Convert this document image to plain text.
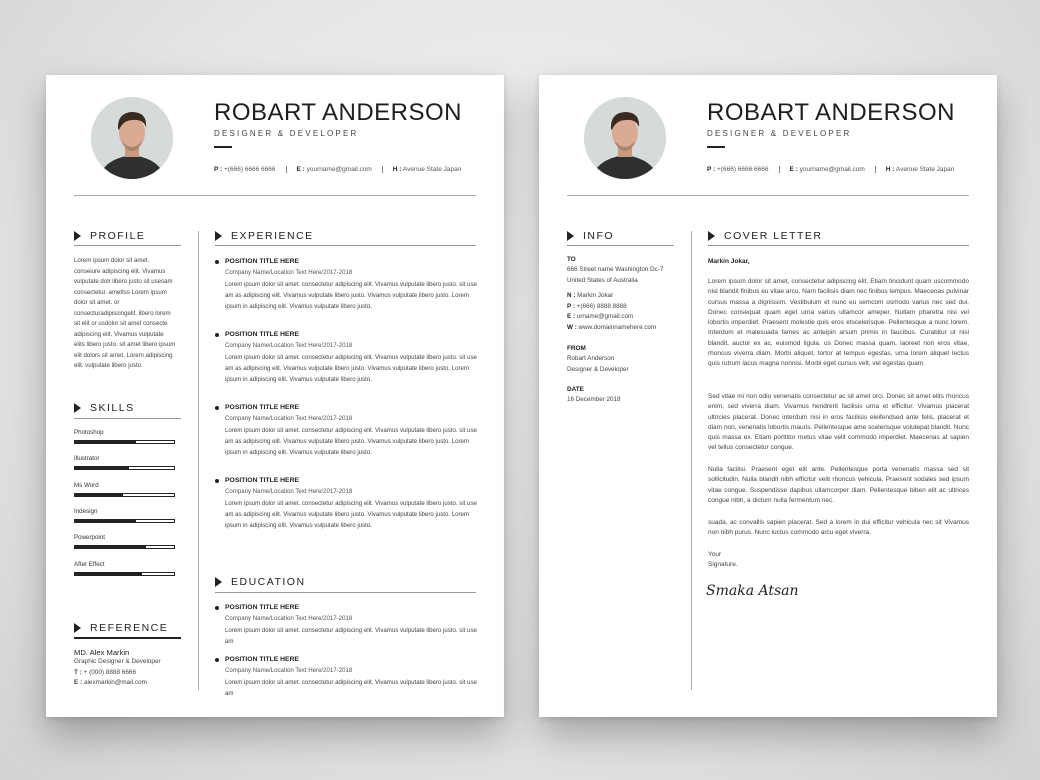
ROBART ANDERSON
DESIGNER & DEVELOPER
P : +(666) 6666 6666	E : yourname@gmail.com	H : Avenue State Japan
PROFILE
Lorem ipsum dolor sit amet. conseiure adipiscing elit. Vivamus vulputate dolr libero justo sit usesam consectetur. amettss Lorem ipsum dolor sit amet. or consecturadipiscingelit. libero lorem sit elit or usdolor sit amet consecte adipiscing elit. Vivamus vulputate elits libero justo. sit amet libero ipsum elit dolors sit amet. Lorem adipiscing elit. vulputate libero justo.
SKILLS
Photoshop
Illustrator
Ms Word
Indesign
Powerpoint
After Effect
REFERENCE
MD. Alex Markin
Graphic Designer & Developer
T : + (000) 8888 6666
E : alexmarkin@mail.com
EXPERIENCE
POSITION TITLE HERE
Company Name/Location Text Here/2017-2018
Lorem ipsum dolor sit amet. consectetur adipiscing elit. Vivamus vulputate libero justo. sit use am as adipiscing elit. Vivamus vulputate libero justo. Vivamus vulputate libero justo. Lorem ipsum in adipiscing elit. Vivamus vulputate libero justo.
POSITION TITLE HERE
Company Name/Location Text Here/2017-2018
Lorem ipsum dolor sit amet. consectetur adipiscing elit. Vivamus vulputate libero justo. sit use am as adipiscing elit. Vivamus vulputate libero justo. Vivamus vulputate libero justo. Lorem ipsum in adipiscing elit. Vivamus vulputate libero justo.
POSITION TITLE HERE
Company Name/Location Text Here/2017-2018
Lorem ipsum dolor sit amet. consectetur adipiscing elit. Vivamus vulputate libero justo. sit use am as adipiscing elit. Vivamus vulputate libero justo. Vivamus vulputate libero justo. Lorem ipsum in adipiscing elit. Vivamus vulputate libero justo.
POSITION TITLE HERE
Company Name/Location Text Here/2017-2018
Lorem ipsum dolor sit amet. consectetur adipiscing elit. Vivamus vulputate libero justo. sit use am as adipiscing elit. Vivamus vulputate libero justo. Vivamus vulputate libero justo. Lorem ipsum in adipiscing elit. Vivamus vulputate libero justo.
EDUCATION
POSITION TITLE HERE
Company Name/Location Text Here/2017-2018
Lorem ipsum dolor sit amet. consectetur adipiscing elit. Vivamus vulputate libero justo. sit use am
POSITION TITLE HERE
Company Name/Location Text Here/2017-2018
Lorem ipsum dolor sit amet. consectetur adipiscing elit. Vivamus vulputate libero justo. sit use am
ROBART ANDERSON
DESIGNER & DEVELOPER
P : +(666) 6666 6666	E : yourname@gmail.com	H : Avenue State Japan
INFO
TO
666 Street name Washington Dc-7
United States of Australia
N : Markin Jokar
P : +(666) 8888 8888
E : urname@gmail.com
W : www.domainnamehere.com
FROM
Robart Anderson
Designer & Developer
DATE
16 December 2018
COVER LETTER
Markin Jokar,
Lorem ipsum dolor sit amet, consectetur adipiscing elit. Etiam tincidunt quam uscommodo nisl blandit finibus eu vitae arcu. Nam facilisis diam nec finibus tempus. Maecenas pulvinar cursus massa a dignissim. Vestibulum et nunc eu semcom osmodo varius nec sed dui. Donec consequat quam eget urna varius ullamcor ameper. Nullam pharetra nisi vel lobortis imperdiet. Praesent molestie quis eros etscelerisque. Pellentesque a nunc lorem. Interdum et malesuada fames ac anteipin arsum primis in faucibus. Curabitur ut nisl blandit, auctor ex ac, euismod ligula. us Donec massa quam, laoreet non eros vitae, rhoncus viverra diam. Morbi aliquet, tortor at tempus egestas, urna lorem aliquet lectus quis rutrum lacus magna nonnisi. Morbi eget cursus velt, vel egestas quam.
Sed vitae mi non odio venenatis consectetur ac sit amet orci. Donec sit amet elits rhoncus enim, sed viverra diam. Vivamus hendrerit facilisis urna et efficitur. Vivamus placerat ultricies placerat. Donec interdum nisi in eros facilisis eleifendsed ante felis, placerat et diam non, venenatis lobortis mauris. Pellentesque ame scelerisque volutepat blandit. Nunc quis massa ex. Etiam porttitor metus vitae velit commodo imperdiet. Maecenas at sapien vel tellus consectetur congue.
Nulla facilisi. Praesent eget elit ante. Pellentesque porta venenatis massa sed sit sollicitudin. Nulla blandit nibh efficitur velit rhoncus vehicula. Praesent sodales sed ipsum vitae congue. Suspendisse dapibus ullamcorper diam. Pellentesque biben elit ac ultrices congue nibh, a dictum nulla fermentum nec.
suada, ac convallis sapien placerat. Sed a lorem in dui efficitur vehicula nec sit Vivamus non nibh purus. Nunc luctus commodo arcu eget viverra.
Your
Signature.
Smaka Atsan
